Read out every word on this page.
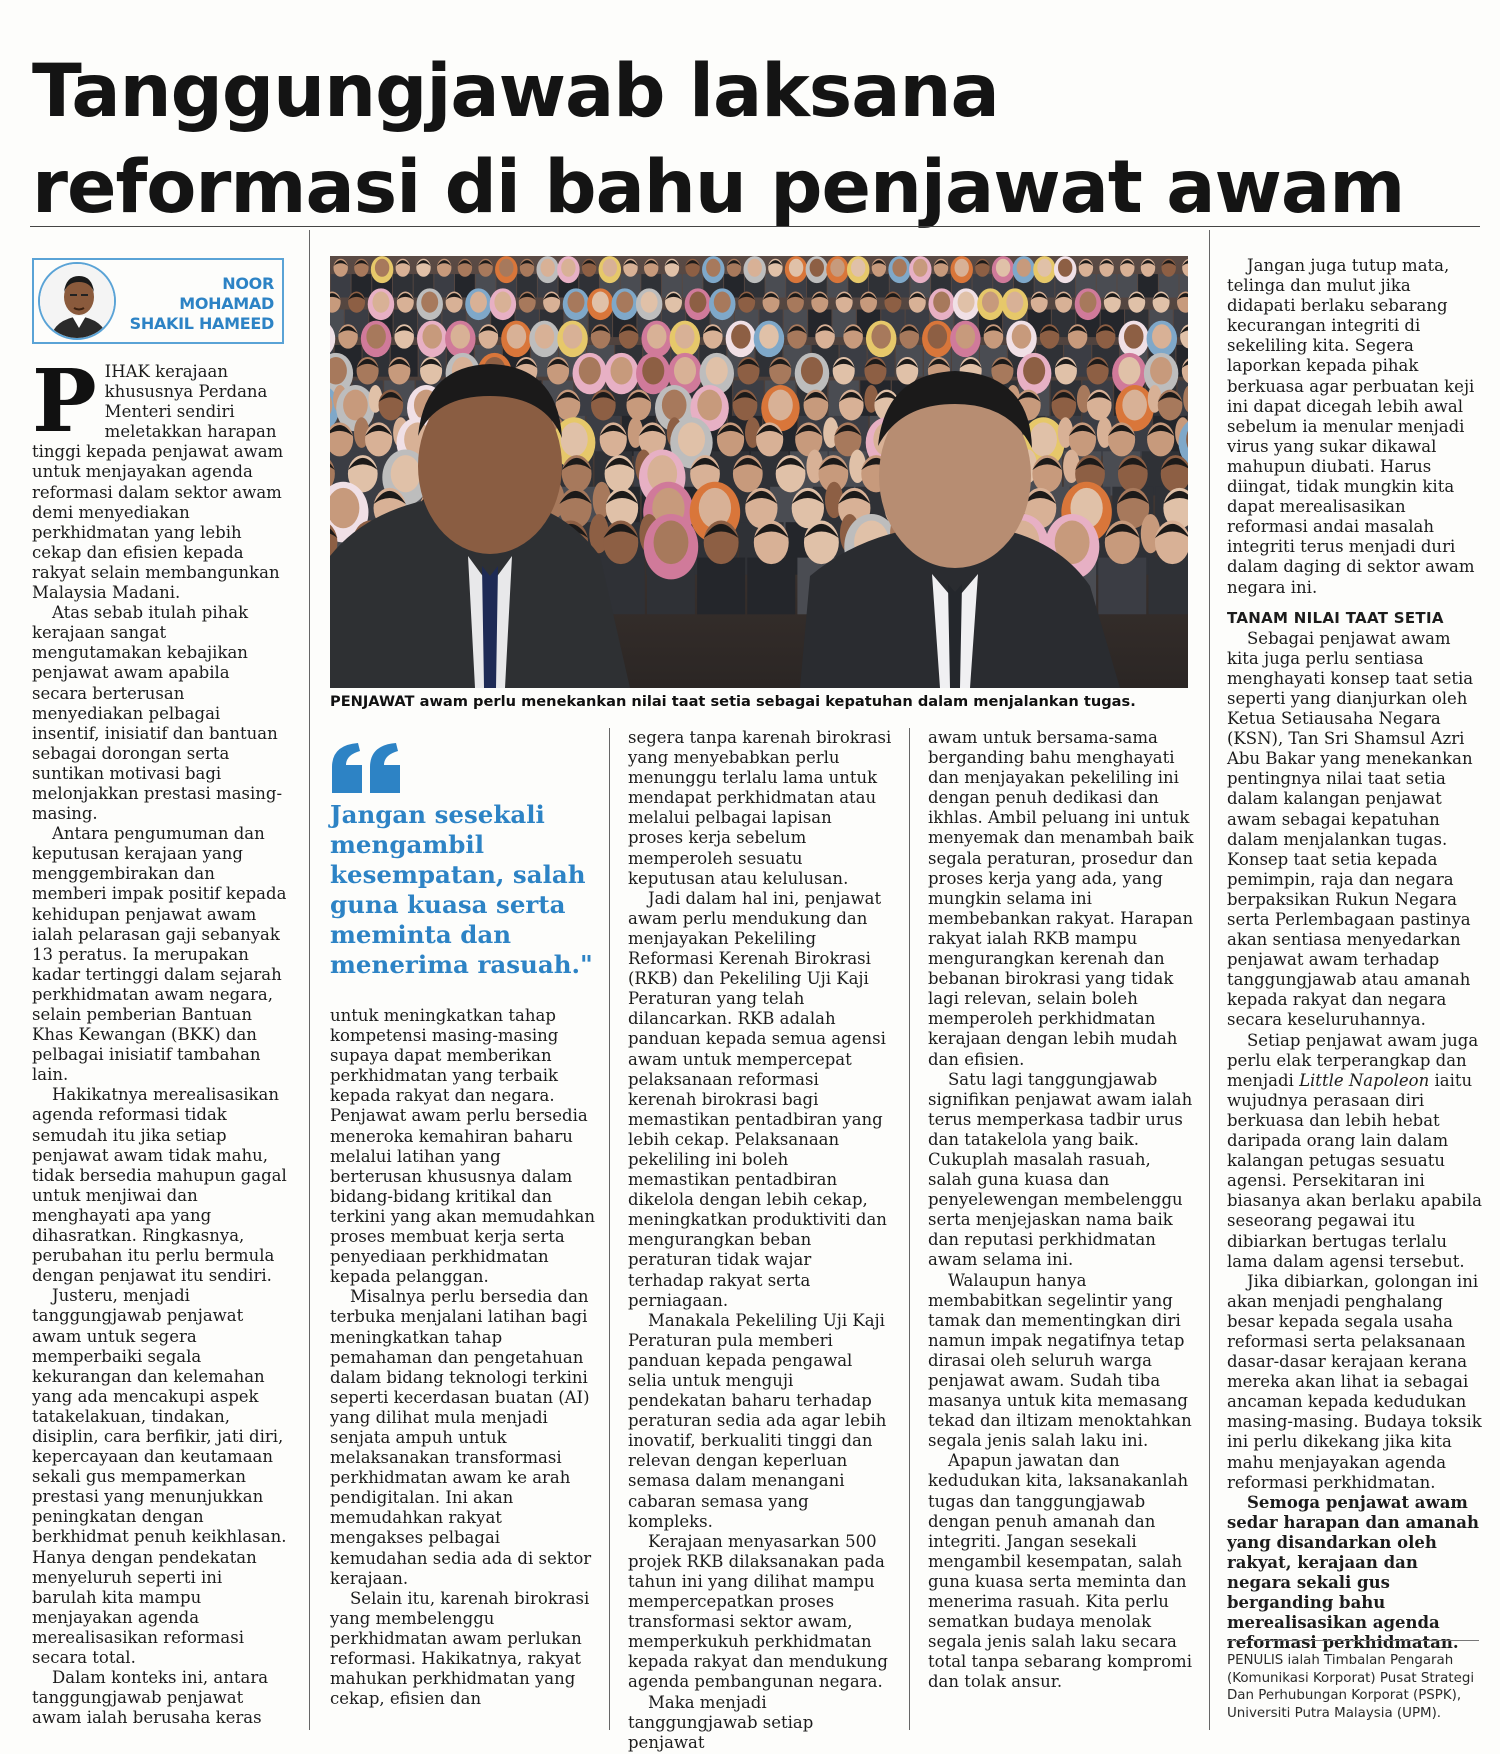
Tanggungjawab laksana
reformasi di bahu penjawat awam
NOOR
MOHAMAD
SHAKIL HAMEED

PIHAK kerajaan khususnya Perdana Menteri sendiri meletakkan harapan tinggi kepada penjawat awam untuk menjayakan agenda reformasi dalam sektor awam demi menyediakan perkhidmatan yang lebih cekap dan efisien kepada rakyat selain membangunkan Malaysia Madani.

Atas sebab itulah pihak kerajaan sangat mengutamakan kebajikan penjawat awam apabila secara berterusan menyediakan pelbagai insentif, inisiatif dan bantuan sebagai dorongan serta suntikan motivasi bagi melonjakkan prestasi masing-masing.

Antara pengumuman dan keputusan kerajaan yang menggembirakan dan memberi impak positif kepada kehidupan penjawat awam ialah pelarasan gaji sebanyak 13 peratus. Ia merupakan kadar tertinggi dalam sejarah perkhidmatan awam negara, selain pemberian Bantuan Khas Kewangan (BKK) dan pelbagai inisiatif tambahan lain.

Hakikatnya merealisasikan agenda reformasi tidak semudah itu jika setiap penjawat awam tidak mahu, tidak bersedia mahupun gagal untuk menjiwai dan menghayati apa yang dihasratkan. Ringkasnya, perubahan itu perlu bermula dengan penjawat itu sendiri.

Justeru, menjadi tanggungjawab penjawat awam untuk segera memperbaiki segala kekurangan dan kelemahan yang ada mencakupi aspek tatakelakuan, tindakan, disiplin, cara berfikir, jati diri, kepercayaan dan keutamaan sekali gus mempamerkan prestasi yang menunjukkan peningkatan dengan berkhidmat penuh keikhlasan. Hanya dengan pendekatan menyeluruh seperti ini barulah kita mampu menjayakan agenda merealisasikan reformasi secara total.

Dalam konteks ini, antara tanggungjawab penjawat awam ialah berusaha keras

PENJAWAT awam perlu menekankan nilai taat setia sebagai kepatuhan dalam menjalankan tugas.
Jangan sesekali
mengambil
kesempatan, salah
guna kuasa serta
meminta dan
menerima rasuah."

untuk meningkatkan tahap kompetensi masing-masing supaya dapat memberikan perkhidmatan yang terbaik kepada rakyat dan negara. Penjawat awam perlu bersedia meneroka kemahiran baharu melalui latihan yang berterusan khususnya dalam bidang-bidang kritikal dan terkini yang akan memudahkan proses membuat kerja serta penyediaan perkhidmatan kepada pelanggan.

Misalnya perlu bersedia dan terbuka menjalani latihan bagi meningkatkan tahap pemahaman dan pengetahuan dalam bidang teknologi terkini seperti kecerdasan buatan (AI) yang dilihat mula menjadi senjata ampuh untuk melaksanakan transformasi perkhidmatan awam ke arah pendigitalan. Ini akan memudahkan rakyat mengakses pelbagai kemudahan sedia ada di sektor kerajaan.

Selain itu, karenah birokrasi yang membelenggu perkhidmatan awam perlukan reformasi. Hakikatnya, rakyat mahukan perkhidmatan yang cekap, efisien dan

segera tanpa karenah birokrasi yang menyebabkan perlu menunggu terlalu lama untuk mendapat perkhidmatan atau melalui pelbagai lapisan proses kerja sebelum memperoleh sesuatu keputusan atau kelulusan.

Jadi dalam hal ini, penjawat awam perlu mendukung dan menjayakan Pekeliling Reformasi Kerenah Birokrasi (RKB) dan Pekeliling Uji Kaji Peraturan yang telah dilancarkan. RKB adalah panduan kepada semua agensi awam untuk mempercepat pelaksanaan reformasi kerenah birokrasi bagi memastikan pentadbiran yang lebih cekap. Pelaksanaan pekeliling ini boleh memastikan pentadbiran dikelola dengan lebih cekap, meningkatkan produktiviti dan mengurangkan beban peraturan tidak wajar terhadap rakyat serta perniagaan.

Manakala Pekeliling Uji Kaji Peraturan pula memberi panduan kepada pengawal selia untuk menguji pendekatan baharu terhadap peraturan sedia ada agar lebih inovatif, berkualiti tinggi dan relevan dengan keperluan semasa dalam menangani cabaran semasa yang kompleks.

Kerajaan menyasarkan 500 projek RKB dilaksanakan pada tahun ini yang dilihat mampu mempercepatkan proses transformasi sektor awam, memperkukuh perkhidmatan kepada rakyat dan mendukung agenda pembangunan negara.

Maka menjadi tanggungjawab setiap penjawat

awam untuk bersama-sama berganding bahu menghayati dan menjayakan pekeliling ini dengan penuh dedikasi dan ikhlas. Ambil peluang ini untuk menyemak dan menambah baik segala peraturan, prosedur dan proses kerja yang ada, yang mungkin selama ini membebankan rakyat. Harapan rakyat ialah RKB mampu mengurangkan kerenah dan bebanan birokrasi yang tidak lagi relevan, selain boleh memperoleh perkhidmatan kerajaan dengan lebih mudah dan efisien.

Satu lagi tanggungjawab signifikan penjawat awam ialah terus memperkasa tadbir urus dan tatakelola yang baik. Cukuplah masalah rasuah, salah guna kuasa dan penyelewengan membelenggu serta menjejaskan nama baik dan reputasi perkhidmatan awam selama ini.

Walaupun hanya membabitkan segelintir yang tamak dan mementingkan diri namun impak negatifnya tetap dirasai oleh seluruh warga penjawat awam. Sudah tiba masanya untuk kita memasang tekad dan iltizam menoktahkan segala jenis salah laku ini.

Apapun jawatan dan kedudukan kita, laksanakanlah tugas dan tanggungjawab dengan penuh amanah dan integriti. Jangan sesekali mengambil kesempatan, salah guna kuasa serta meminta dan menerima rasuah. Kita perlu sematkan budaya menolak segala jenis salah laku secara total tanpa sebarang kompromi dan tolak ansur.

Jangan juga tutup mata, telinga dan mulut jika didapati berlaku sebarang kecurangan integriti di sekeliling kita. Segera laporkan kepada pihak berkuasa agar perbuatan keji ini dapat dicegah lebih awal sebelum ia menular menjadi virus yang sukar dikawal mahupun diubati. Harus diingat, tidak mungkin kita dapat merealisasikan reformasi andai masalah integriti terus menjadi duri dalam daging di sektor awam negara ini.

TANAM NILAI TAAT SETIA

Sebagai penjawat awam kita juga perlu sentiasa menghayati konsep taat setia seperti yang dianjurkan oleh Ketua Setiausaha Negara (KSN), Tan Sri Shamsul Azri Abu Bakar yang menekankan pentingnya nilai taat setia dalam kalangan penjawat awam sebagai kepatuhan dalam menjalankan tugas. Konsep taat setia kepada pemimpin, raja dan negara berpaksikan Rukun Negara serta Perlembagaan pastinya akan sentiasa menyedarkan penjawat awam terhadap tanggungjawab atau amanah kepada rakyat dan negara secara keseluruhannya.

Setiap penjawat awam juga perlu elak terperangkap dan menjadi Little Napoleon iaitu wujudnya perasaan diri berkuasa dan lebih hebat daripada orang lain dalam kalangan petugas sesuatu agensi. Persekitaran ini biasanya akan berlaku apabila seseorang pegawai itu dibiarkan bertugas terlalu lama dalam agensi tersebut.

Jika dibiarkan, golongan ini akan menjadi penghalang besar kepada segala usaha reformasi serta pelaksanaan dasar-dasar kerajaan kerana mereka akan lihat ia sebagai ancaman kepada kedudukan masing-masing. Budaya toksik ini perlu dikekang jika kita mahu menjayakan agenda reformasi perkhidmatan.

Semoga penjawat awam sedar harapan dan amanah yang disandarkan oleh rakyat, kerajaan dan negara sekali gus berganding bahu merealisasikan agenda reformasi perkhidmatan.

PENULIS ialah Timbalan Pengarah (Komunikasi Korporat) Pusat Strategi Dan Perhubungan Korporat (PSPK), Universiti Putra Malaysia (UPM).
